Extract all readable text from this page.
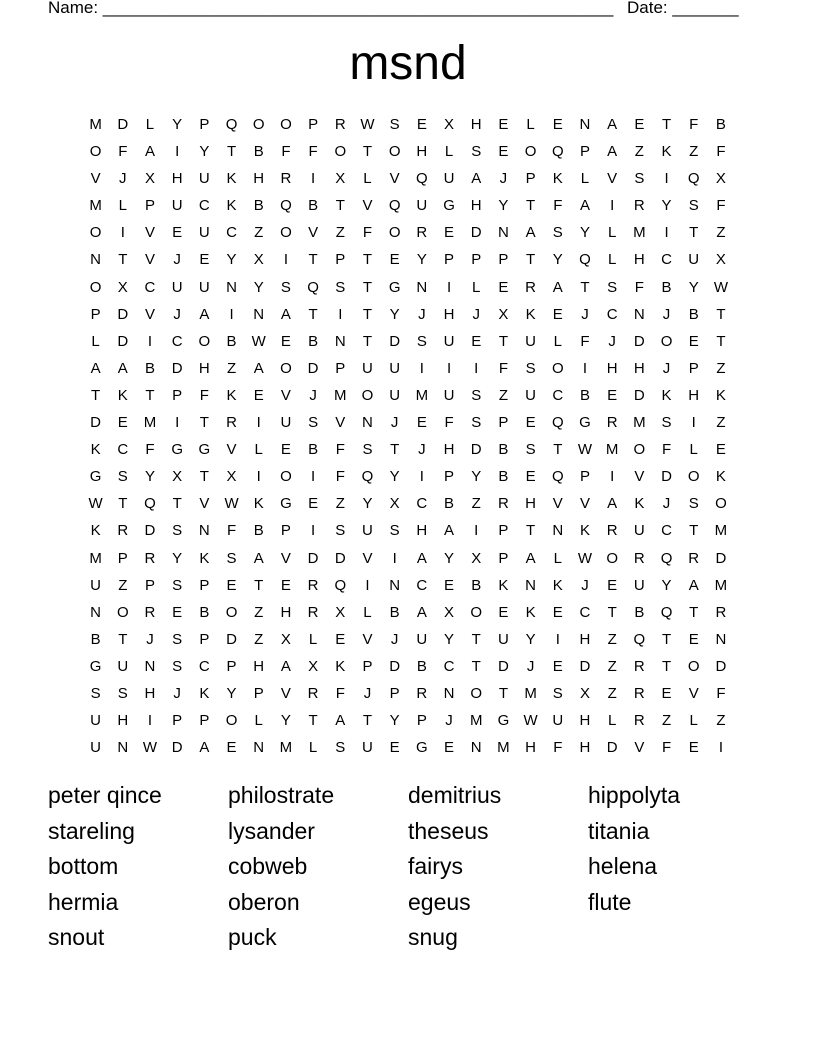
Name: ______________________________________________________ Date: _______
msnd
M	D	L	Y	P	Q	O	O	P	R W	S	E	X	H	E	L	E	N	A	E	T	F	B
O	F	A	I	Y	T	B	F	F	O	T	O	H	L	S	E	O	Q	P	A	Z	K	Z	F
V	J	X	H	U	K	H	R	I	X	L	V	Q	U	A	J	P	K	L	V	S	I	Q	X
M	L	P	U	C	K	B	Q	B	T	V	Q	U	G	H	Y	T	F	A	I	R	Y	S	F
O	I	V	E	U	C	Z	O	V	Z	F	O	R	E	D	N	A	S	Y	L	M	I	T	Z
N	T	V	J	E	Y	X	I	T	P	T	E	Y	P	P	P	T	Y	Q	L	H	C	U	X
O	X	C	U	U	N	Y	S	Q	S	T	G	N	I	L	E	R	A	T	S	F	B	Y	W
P	D	V	J	A	I	N	A	T	I	T	Y	J	H	J	X	K	E	J	C	N	J	B	T
L	D	I	C	O	B	W	E	B	N	T	D	S	U	E	T	U	L	F	J	D	O	E	T
A	A	B	D	H	Z	A	O	D	P	U	U	I	I	I	F	S	O	I	H	H	J	P	Z
T	K	T	P	F	K	E	V	J	M	O	U	M	U	S	Z	U	C	B	E	D	K	H	K
D	E	M	I	T	R	I	U	S	V	N	J	E	F	S	P	E	Q	G	R	M	S	I	Z
K	C	F	G	G	V	L	E	B	F	S	T	J	H	D	B	S	T	W M	O	F	L	E
G	S	Y	X	T	X	I	O	I	F	Q	Y	I	P	Y	B	E	Q	P	I	V	D	O	K
W	T	Q	T	V	W	K	G	E	Z	Y	X	C	B	Z	R	H	V	V	A	K	J	S	O
K	R	D	S	N	F	B	P	I	S	U	S	H	A	I	P	T	N	K	R	U	C	T	M
M	P	R	Y	K	S	A	V	D	D	V	I	A	Y	X	P	A	L	W O	R	Q	R	D
U	Z	P	S	P	E	T	E	R	Q	I	N	C	E	B	K	N	K	J	E	U	Y	A	M
N	O	R	E	B	O	Z	H	R	X	L	B	A	X	O	E	K	E	C	T	B	Q	T	R
B	T	J	S	P	D	Z	X	L	E	V	J	U	Y	T	U	Y	I	H	Z	Q	T	E	N
G	U	N	S	C	P	H	A	X	K	P	D	B	C	T	D	J	E	D	Z	R	T	O	D
S	S	H	J	K	Y	P	V	R	F	J	P	R	N	O	T	M	S	X	Z	R	E	V	F
U	H	I	P	P	O	L	Y	T	A	T	Y	P	J	M	G W U	H	L	R	Z	L	Z
U	N W D	A	E	N	M	L	S	U	E	G	E	N	M	H	F	H	D	V	F	E	I
peter qince	philostrate	demitrius	hippolyta
stareling	lysander	theseus	titania
bottom	cobweb	fairys	helena
hermia	oberon	egeus	flute
snout	puck	snug
